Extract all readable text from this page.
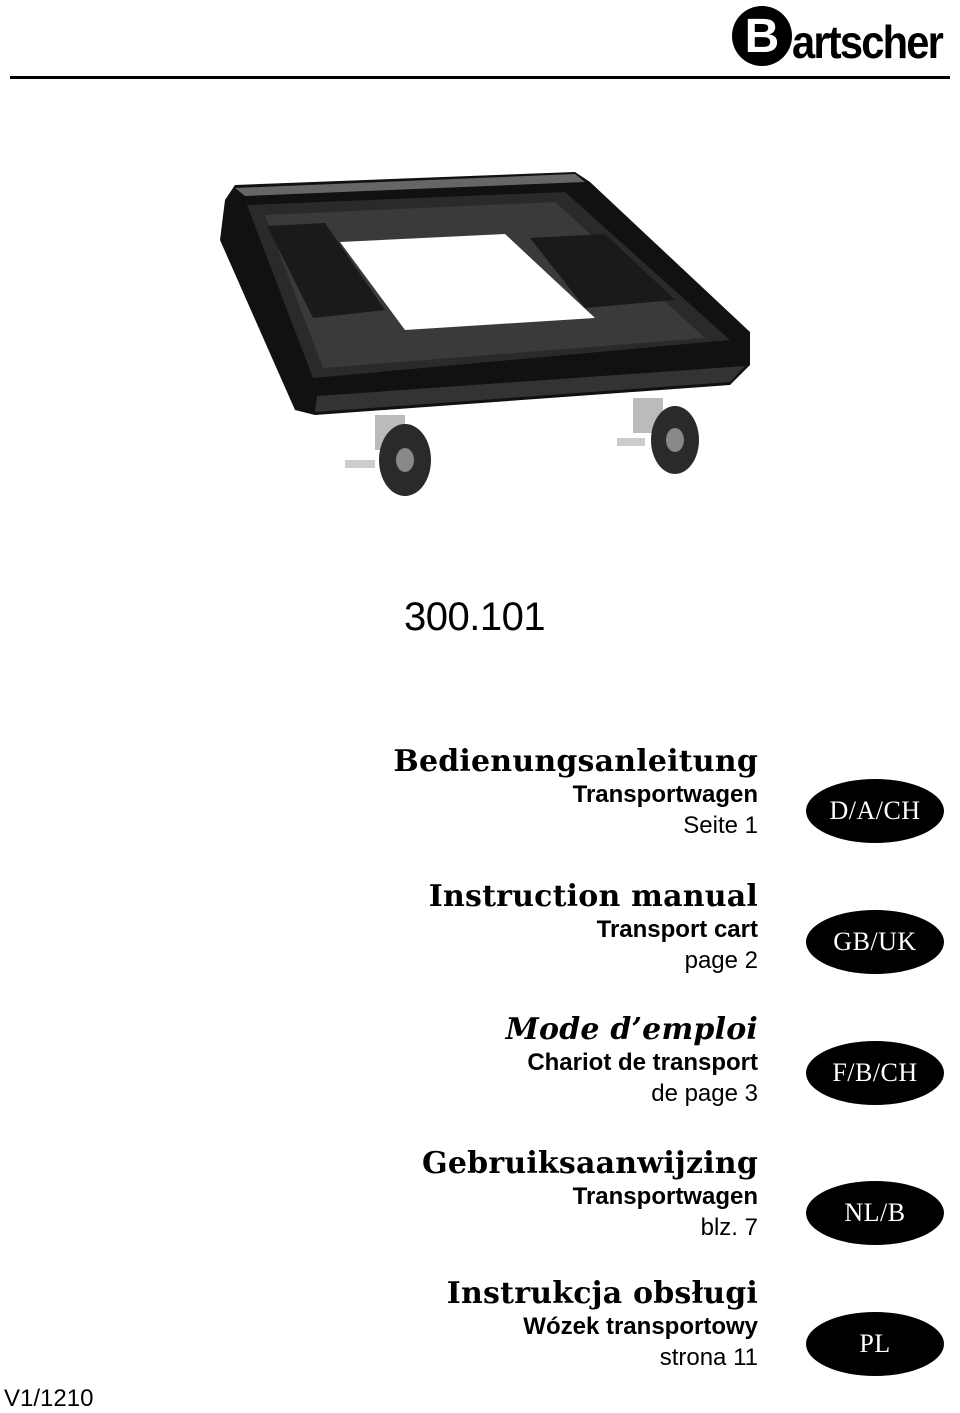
B artscher
300.101
Bedienungsanleitung
Transportwagen
Seite 1
D/A/CH
Instruction manual
Transport cart
page 2
GB/UK
Mode d’emploi
Chariot de transport
de page 3
F/B/CH
Gebruiksaanwijzing
Transportwagen
blz. 7
NL/B
Instrukcja obsługi
Wózek transportowy
strona 11	PL
V1/1210
